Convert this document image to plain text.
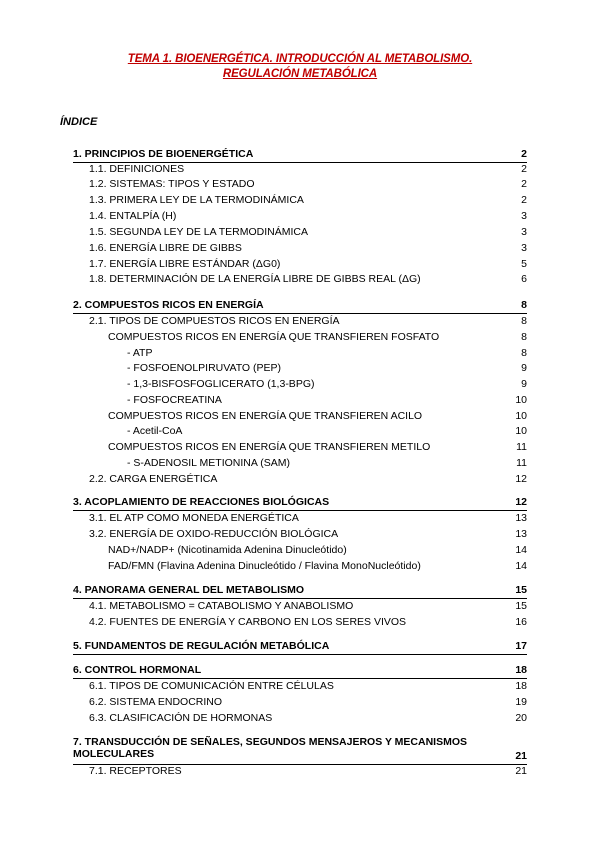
TEMA 1. BIOENERGÉTICA. INTRODUCCIÓN AL METABOLISMO.
REGULACIÓN METABÓLICA
ÍNDICE
1. PRINCIPIOS DE BIOENERGÉTICA	2
1.1. DEFINICIONES	2
1.2. SISTEMAS: TIPOS Y ESTADO	2
1.3. PRIMERA LEY DE LA TERMODINÁMICA	2
1.4. ENTALPÍA (H)	3
1.5. SEGUNDA LEY DE LA TERMODINÁMICA	3
1.6. ENERGÍA LIBRE DE GIBBS	3
1.7. ENERGÍA LIBRE ESTÁNDAR (ΔG0)	5
1.8. DETERMINACIÓN DE LA ENERGÍA LIBRE DE GIBBS REAL (ΔG)	6
2. COMPUESTOS RICOS EN ENERGÍA	8
2.1. TIPOS DE COMPUESTOS RICOS EN ENERGÍA	8
COMPUESTOS RICOS EN ENERGÍA QUE TRANSFIEREN FOSFATO	8
- ATP	8
- FOSFOENOLPIRUVATO (PEP)	9
- 1,3-BISFOSFOGLICERATO (1,3-BPG)	9
- FOSFOCREATINA	10
COMPUESTOS RICOS EN ENERGÍA QUE TRANSFIEREN ACILO	10
- Acetil-CoA	10
COMPUESTOS RICOS EN ENERGÍA QUE TRANSFIEREN METILO	11
- S-ADENOSIL METIONINA (SAM)	11
2.2. CARGA ENERGÉTICA	12
3. ACOPLAMIENTO DE REACCIONES BIOLÓGICAS	12
3.1. EL ATP COMO MONEDA ENERGÉTICA	13
3.2. ENERGÍA DE OXIDO-REDUCCIÓN BIOLÓGICA	13
NAD+/NADP+ (Nicotinamida Adenina Dinucleótido)	14
FAD/FMN (Flavina Adenina Dinucleótido / Flavina MonoNucleótido)	14
4. PANORAMA GENERAL DEL METABOLISMO	15
4.1. METABOLISMO = CATABOLISMO Y ANABOLISMO	15
4.2. FUENTES DE ENERGÍA Y CARBONO EN LOS SERES VIVOS	16
5. FUNDAMENTOS DE REGULACIÓN METABÓLICA	17
6. CONTROL HORMONAL	18
6.1. TIPOS DE COMUNICACIÓN ENTRE CÉLULAS	18
6.2. SISTEMA ENDOCRINO	19
6.3. CLASIFICACIÓN DE HORMONAS	20
7. TRANSDUCCIÓN DE SEÑALES, SEGUNDOS MENSAJEROS Y MECANISMOS MOLECULARES	21
7.1. RECEPTORES	21
